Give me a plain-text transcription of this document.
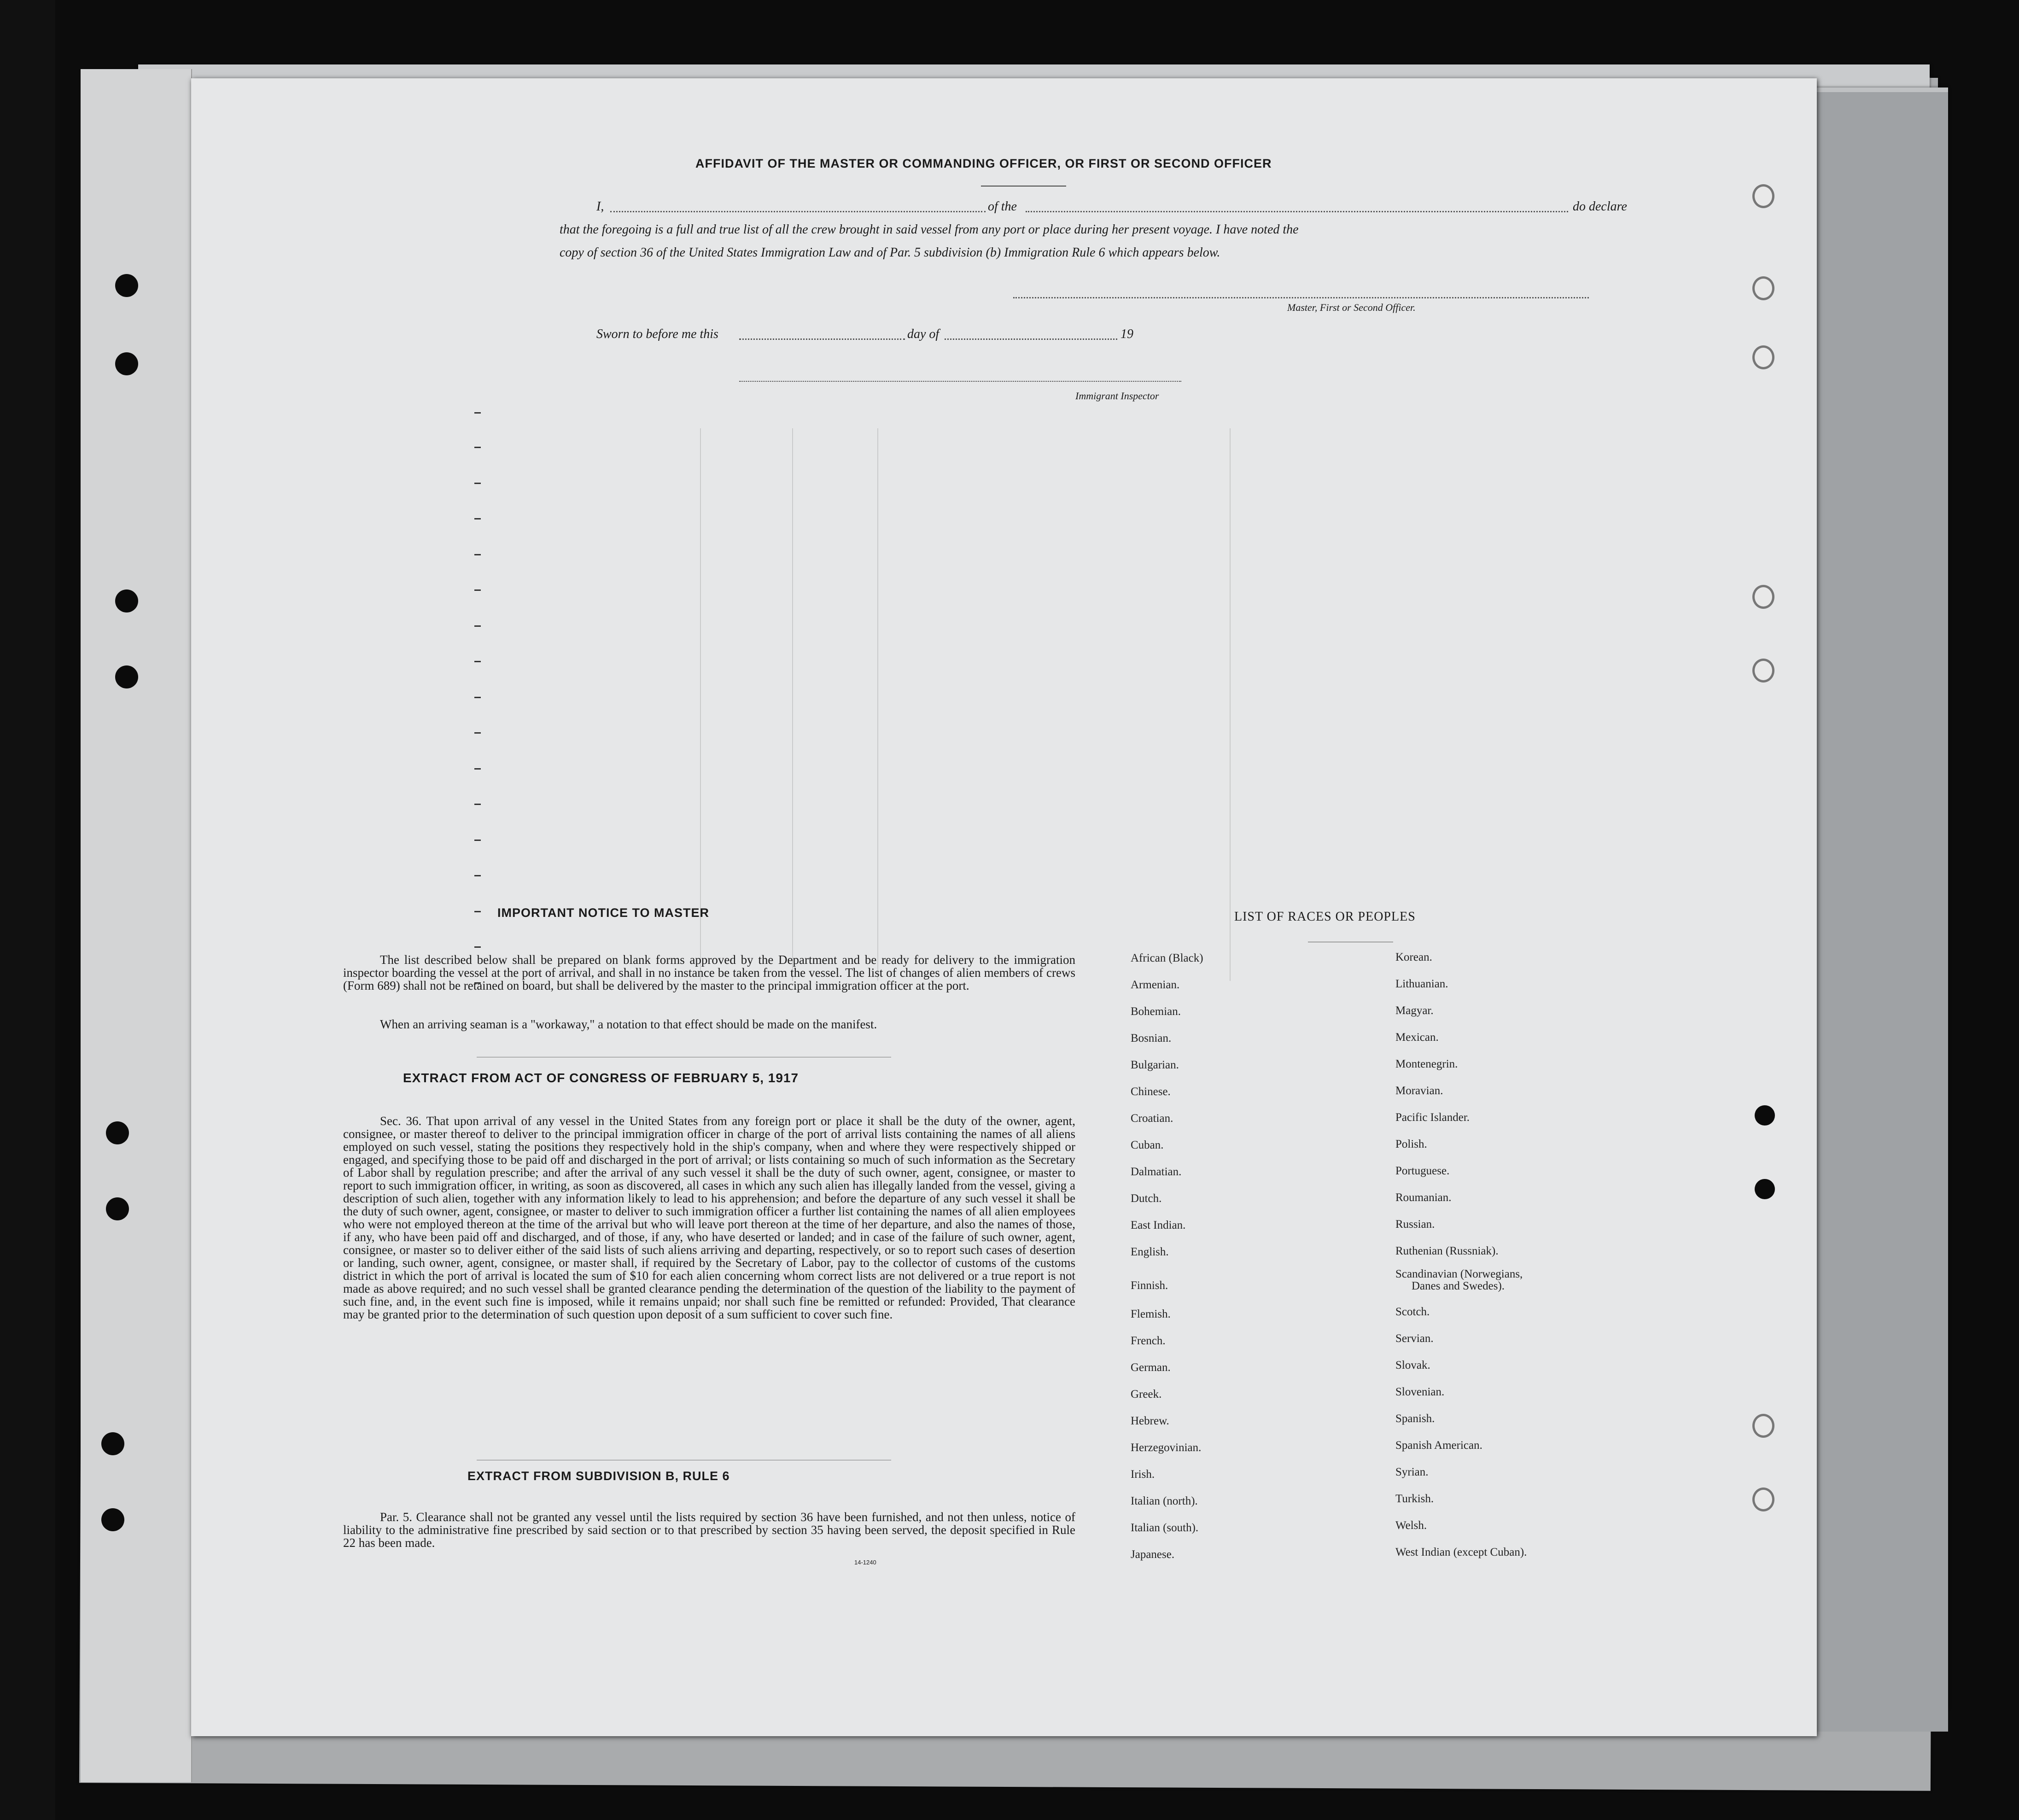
AFFIDAVIT OF THE MASTER OR COMMANDING OFFICER, OR FIRST OR SECOND OFFICER
I,	of the	do declare
that the foregoing is a full and true list of all the crew brought in said vessel from any port or place during her present voyage. I have noted the
copy of section 36 of the United States Immigration Law and of Par. 5 subdivision (b) Immigration Rule 6 which appears below.
Master, First or Second Officer.
Sworn to before me this	day of	19
Immigrant Inspector
IMPORTANT NOTICE TO MASTER
The list described below shall be prepared on blank forms approved by the Department and be ready for delivery to the immigration inspector boarding the vessel at the port of arrival, and shall in no instance be taken from the vessel. The list of changes of alien members of crews (Form 689) shall not be retained on board, but shall be delivered by the master to the principal immigration officer at the port.
When an arriving seaman is a "workaway," a notation to that effect should be made on the manifest.
EXTRACT FROM ACT OF CONGRESS OF FEBRUARY 5, 1917
Sec. 36. That upon arrival of any vessel in the United States from any foreign port or place it shall be the duty of the owner, agent, consignee, or master thereof to deliver to the principal immigration officer in charge of the port of arrival lists containing the names of all aliens employed on such vessel, stating the positions they respectively hold in the ship's company, when and where they were respectively shipped or engaged, and specifying those to be paid off and discharged in the port of arrival; or lists containing so much of such information as the Secretary of Labor shall by regulation prescribe; and after the arrival of any such vessel it shall be the duty of such owner, agent, consignee, or master to report to such immigration officer, in writing, as soon as discovered, all cases in which any such alien has illegally landed from the vessel, giving a description of such alien, together with any information likely to lead to his apprehension; and before the departure of any such vessel it shall be the duty of such owner, agent, consignee, or master to deliver to such immigration officer a further list containing the names of all alien employees who were not employed thereon at the time of the arrival but who will leave port thereon at the time of her departure, and also the names of those, if any, who have been paid off and discharged, and of those, if any, who have deserted or landed; and in case of the failure of such owner, agent, consignee, or master so to deliver either of the said lists of such aliens arriving and departing, respectively, or so to report such cases of desertion or landing, such owner, agent, consignee, or master shall, if required by the Secretary of Labor, pay to the collector of customs of the customs district in which the port of arrival is located the sum of $10 for each alien concerning whom correct lists are not delivered or a true report is not made as above required; and no such vessel shall be granted clearance pending the determination of the question of the liability to the payment of such fine, and, in the event such fine is imposed, while it remains unpaid; nor shall such fine be remitted or refunded: Provided, That clearance may be granted prior to the determination of such question upon deposit of a sum sufficient to cover such fine.
EXTRACT FROM SUBDIVISION B, RULE 6
Par. 5. Clearance shall not be granted any vessel until the lists required by section 36 have been furnished, and not then unless, notice of liability to the administrative fine prescribed by said section or to that prescribed by section 35 having been served, the deposit specified in Rule 22 has been made.
14-1240
LIST OF RACES OR PEOPLES
African (Black)
Armenian.
Bohemian.
Bosnian.
Bulgarian.
Chinese.
Croatian.
Cuban.
Dalmatian.
Dutch.
East Indian.
English.
Finnish.
Flemish.
French.
German.
Greek.
Hebrew.
Herzegovinian.
Irish.
Italian (north).
Italian (south).
Japanese.
Korean.
Lithuanian.
Magyar.
Mexican.
Montenegrin.
Moravian.
Pacific Islander.
Polish.
Portuguese.
Roumanian.
Russian.
Ruthenian (Russniak).
Scandinavian (Norwegians,
Danes and Swedes).
Scotch.
Servian.
Slovak.
Slovenian.
Spanish.
Spanish American.
Syrian.
Turkish.
Welsh.
West Indian (except Cuban).
